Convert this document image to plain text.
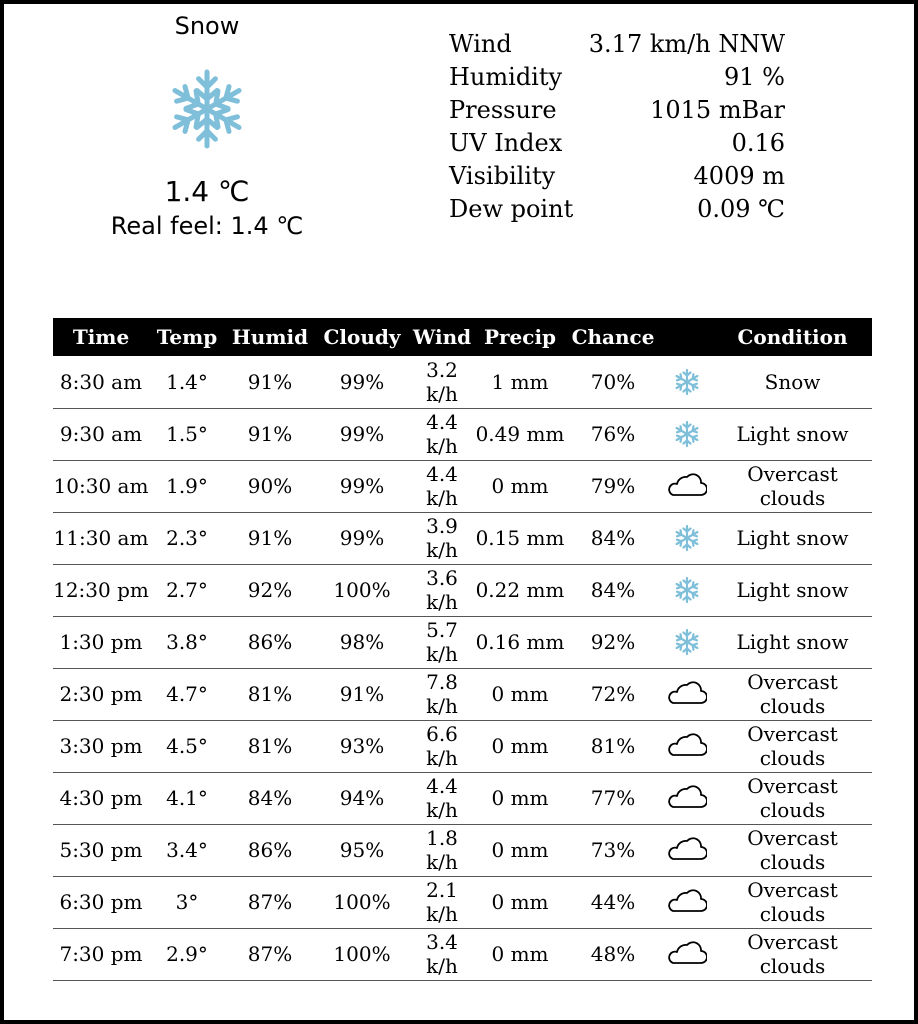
Snow
1.4 ℃
Real feel: 1.4 ℃
Wind	3.17 km/h NNW
Humidity	91 %
Pressure	1015 mBar
UV Index	0.16
Visibility	4009 m
Dew point	0.09 ℃
Time	Temp	Humid	Cloudy	Wind	Precip	Chance		Condition
8:30 am	1.4°	91%	99%	3.2 k/h	1 mm	70%		Snow
9:30 am	1.5°	91%	99%	4.4 k/h	0.49 mm	76%		Light snow
10:30 am	1.9°	90%	99%	4.4 k/h	0 mm	79%		Overcast clouds
11:30 am	2.3°	91%	99%	3.9 k/h	0.15 mm	84%		Light snow
12:30 pm	2.7°	92%	100%	3.6 k/h	0.22 mm	84%		Light snow
1:30 pm	3.8°	86%	98%	5.7 k/h	0.16 mm	92%		Light snow
2:30 pm	4.7°	81%	91%	7.8 k/h	0 mm	72%		Overcast clouds
3:30 pm	4.5°	81%	93%	6.6 k/h	0 mm	81%		Overcast clouds
4:30 pm	4.1°	84%	94%	4.4 k/h	0 mm	77%		Overcast clouds
5:30 pm	3.4°	86%	95%	1.8 k/h	0 mm	73%		Overcast clouds
6:30 pm	3°	87%	100%	2.1 k/h	0 mm	44%		Overcast clouds
7:30 pm	2.9°	87%	100%	3.4 k/h	0 mm	48%		Overcast clouds
